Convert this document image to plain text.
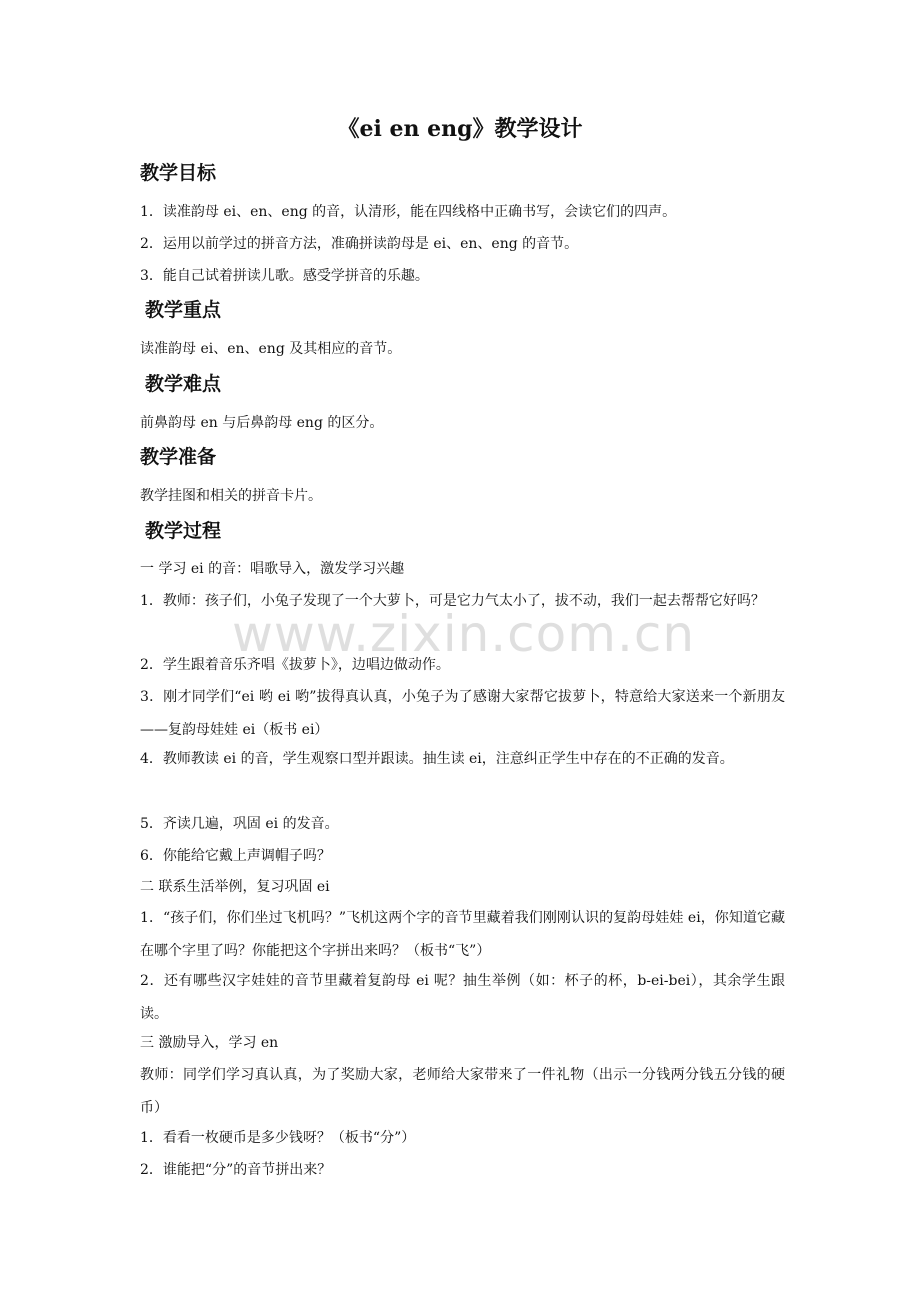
《ei en eng》教学设计
教学目标
1．读准韵母 ei、en、eng 的音，认清形，能在四线格中正确书写，会读它们的四声。
2．运用以前学过的拼音方法，准确拼读韵母是 ei、en、eng 的音节。
3．能自己试着拼读儿歌。感受学拼音的乐趣。
教学重点
读准韵母 ei、en、eng 及其相应的音节。
教学难点
前鼻韵母 en 与后鼻韵母 eng 的区分。
教学准备
教学挂图和相关的拼音卡片。
教学过程
一 学习 ei 的音：唱歌导入，激发学习兴趣
1．教师：孩子们，小兔子发现了一个大萝卜，可是它力气太小了，拔不动，我们一起去帮帮它好吗？
2．学生跟着音乐齐唱《拔萝卜》，边唱边做动作。
3．刚才同学们“ei 哟 ei 哟”拔得真认真，小兔子为了感谢大家帮它拔萝卜，特意给大家送来一个新朋友——复韵母娃娃 ei（板书 ei）
4．教师教读 ei 的音，学生观察口型并跟读。抽生读 ei，注意纠正学生中存在的不正确的发音。
5．齐读几遍，巩固 ei 的发音。
6．你能给它戴上声调帽子吗？
二 联系生活举例，复习巩固 ei
1．“孩子们，你们坐过飞机吗？”飞机这两个字的音节里藏着我们刚刚认识的复韵母娃娃 ei，你知道它藏在哪个字里了吗？你能把这个字拼出来吗？（板书“飞”）
2．还有哪些汉字娃娃的音节里藏着复韵母 ei 呢？抽生举例（如：杯子的杯，b-ei-bei），其余学生跟读。
三 激励导入，学习 en
教师：同学们学习真认真，为了奖励大家，老师给大家带来了一件礼物（出示一分钱两分钱五分钱的硬币）
1．看看一枚硬币是多少钱呀？（板书“分”）
2．谁能把“分”的音节拼出来？
www.zixin.com.cn
